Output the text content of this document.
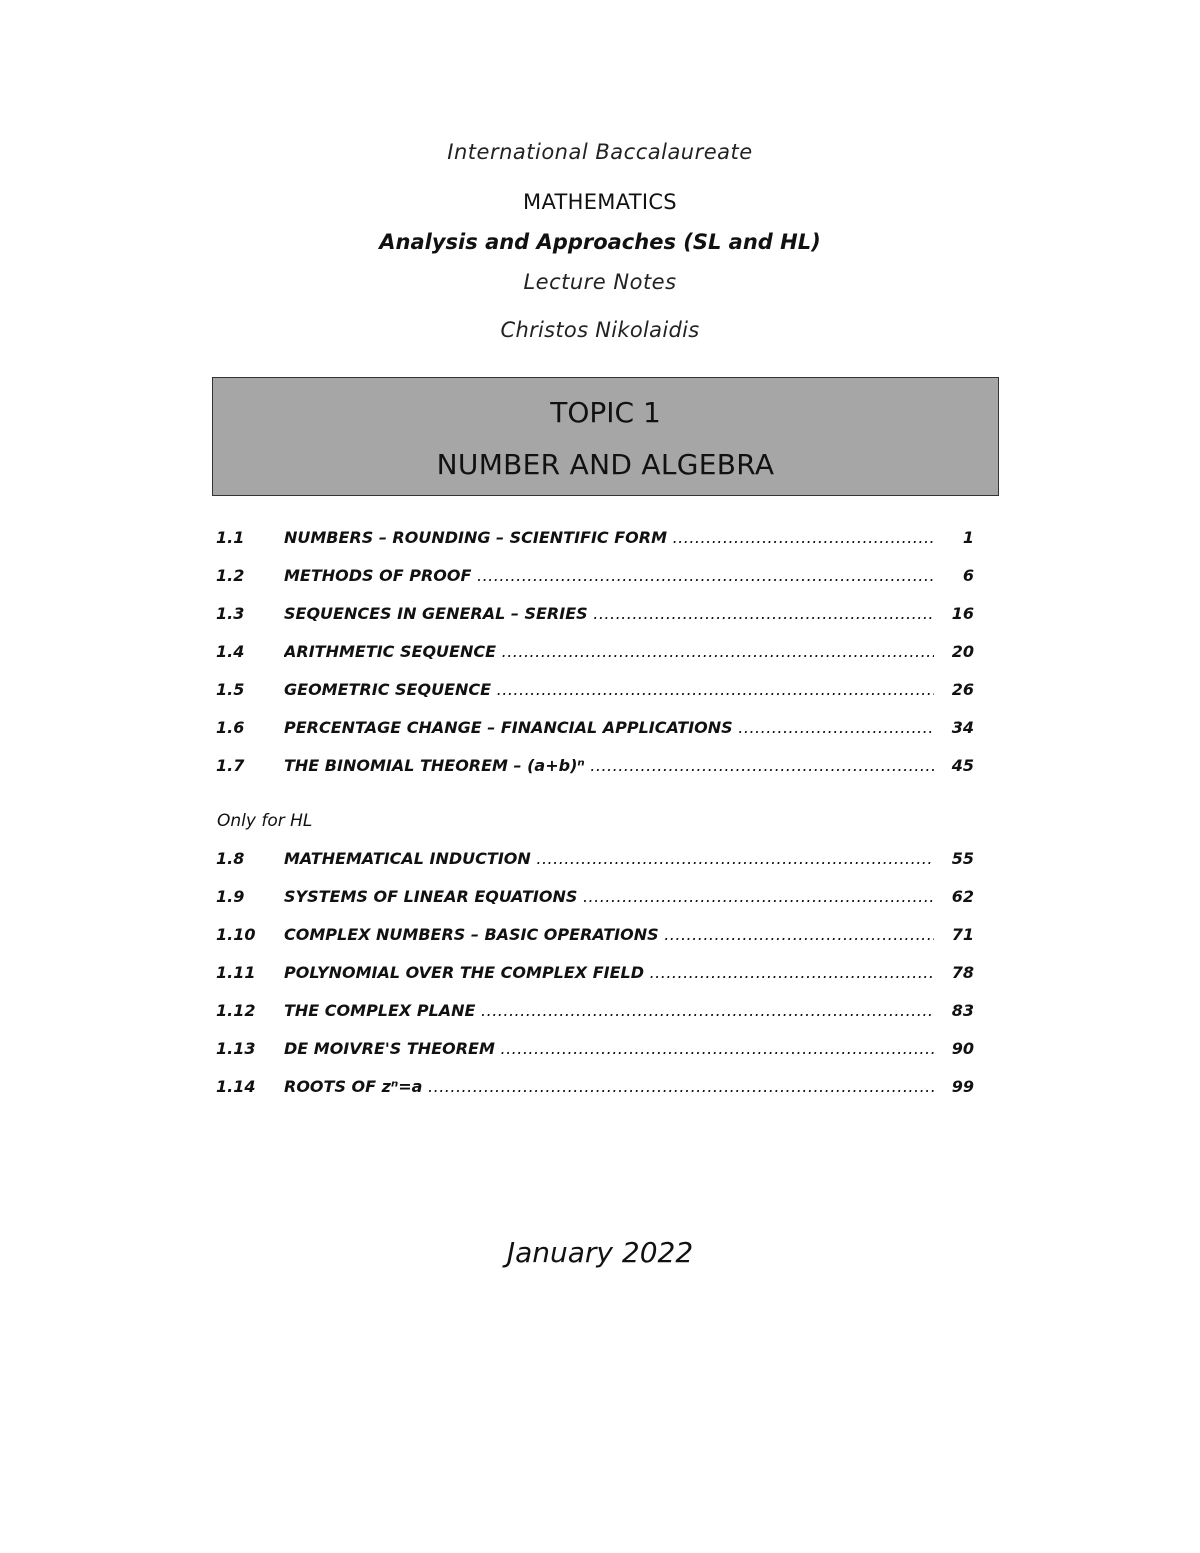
International Baccalaureate
MATHEMATICS
Analysis and Approaches (SL and HL)
Lecture Notes
Christos Nikolaidis
TOPIC 1
NUMBER AND ALGEBRA
1.1	NUMBERS – ROUNDING – SCIENTIFIC FORM .....	1
1.2	METHODS OF PROOF .....	6
1.3	SEQUENCES IN GENERAL – SERIES .....	16
1.4	ARITHMETIC SEQUENCE .....	20
1.5	GEOMETRIC SEQUENCE .....	26
1.6	PERCENTAGE CHANGE – FINANCIAL APPLICATIONS .....	34
1.7	THE BINOMIAL THEOREM – (a+b)ⁿ .....	45
Only for HL
1.8	MATHEMATICAL INDUCTION .....	55
1.9	SYSTEMS OF LINEAR EQUATIONS .....	62
1.10	COMPLEX NUMBERS – BASIC OPERATIONS .....	71
1.11	POLYNOMIAL OVER THE COMPLEX FIELD .....	78
1.12	THE COMPLEX PLANE .....	83
1.13	DE MOIVRE'S THEOREM .....	90
1.14	ROOTS OF zⁿ=a .....	99
January 2022
